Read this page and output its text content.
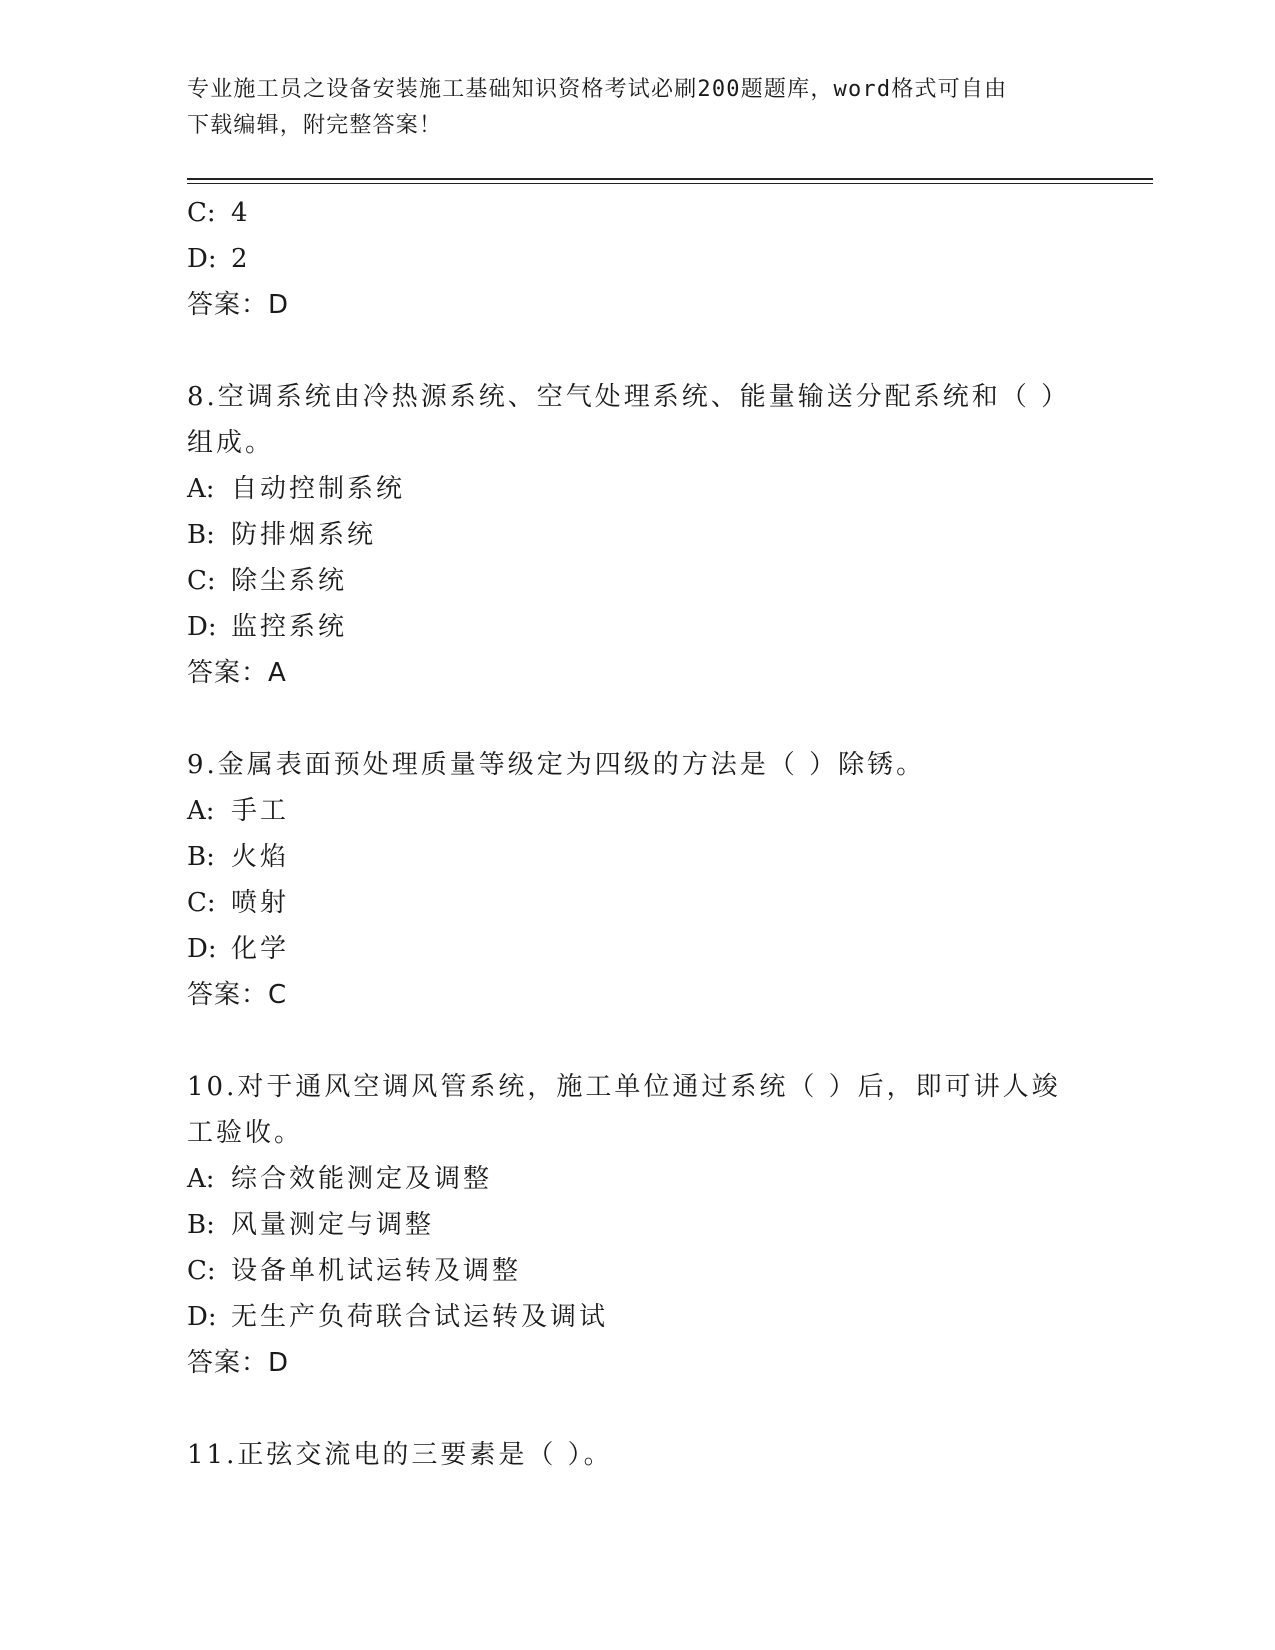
专业施工员之设备安装施工基础知识资格考试必刷200题题库，word格式可自由
下载编辑，附完整答案！
C: 4
D: 2
答案：D
8.空调系统由冷热源系统、空气处理系统、能量输送分配系统和（ ）
组成。
A: 自动控制系统
B: 防排烟系统
C: 除尘系统
D: 监控系统
答案：A
9.金属表面预处理质量等级定为四级的方法是（ ）除锈。
A: 手工
B: 火焰
C: 喷射
D: 化学
答案：C
10.对于通风空调风管系统，施工单位通过系统（ ）后，即可讲人竣
工验收。
A: 综合效能测定及调整
B: 风量测定与调整
C: 设备单机试运转及调整
D: 无生产负荷联合试运转及调试
答案：D
11.正弦交流电的三要素是（ ）。
